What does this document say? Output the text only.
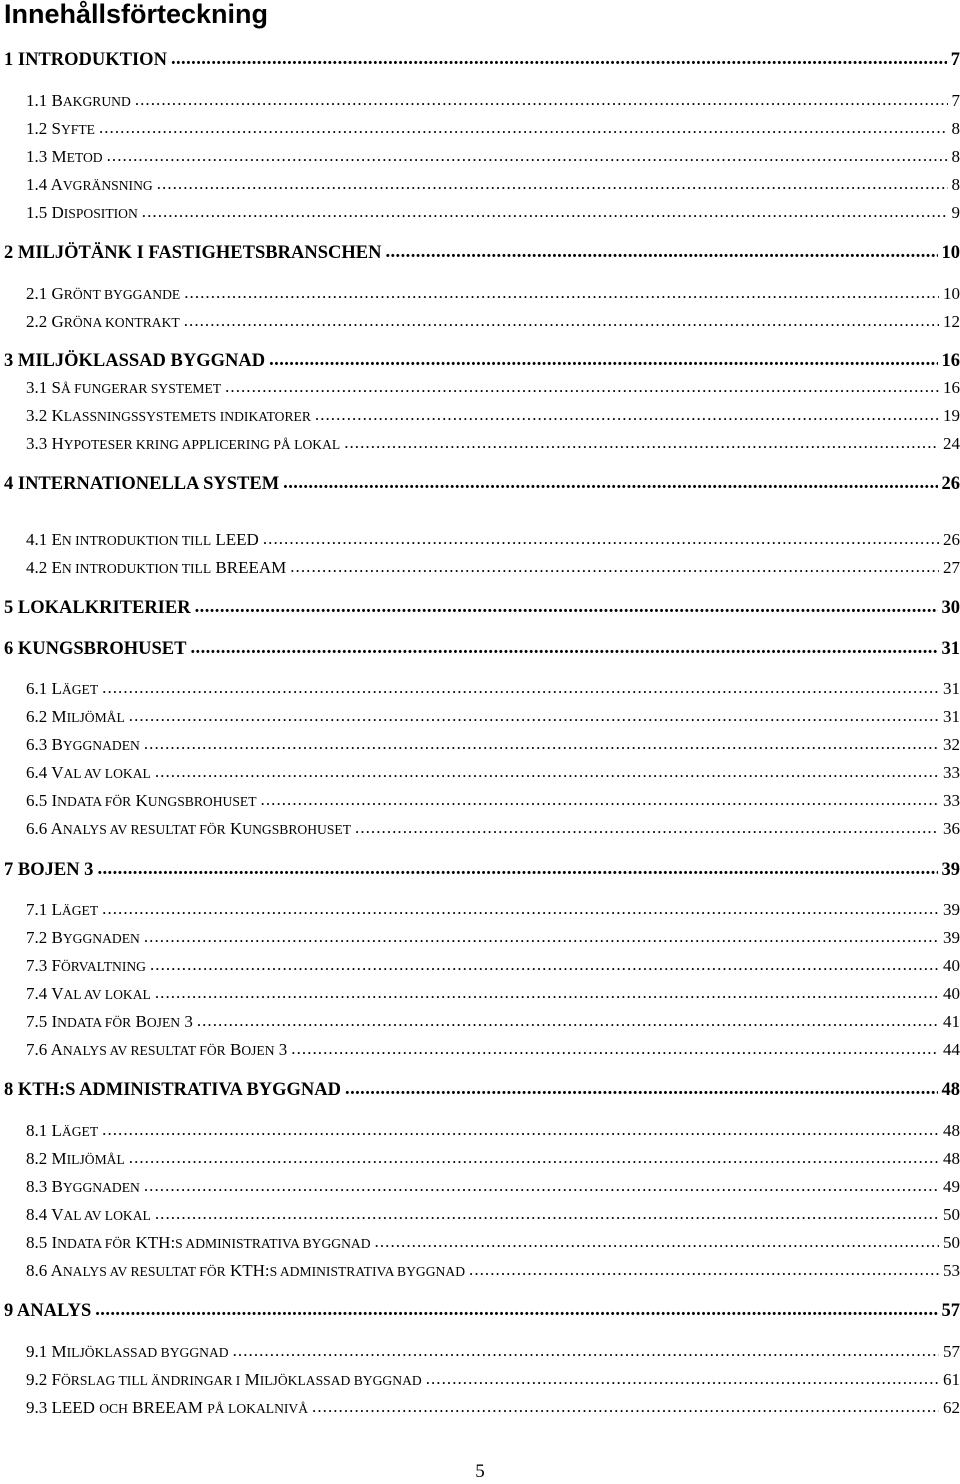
Innehållsförteckning
1 INTRODUKTION . . .	7
1.1 BAKGRUND . . .	7
1.2 SYFTE . . .	8
1.3 METOD . . .	8
1.4 AVGRÄNSNING . . .	8
1.5 DISPOSITION . . .	9
2 MILJÖTÄNK I FASTIGHETSBRANSCHEN . . .	10
2.1 GRÖNT BYGGANDE . . .	10
2.2 GRÖNA KONTRAKT . . .	12
3 MILJÖKLASSAD BYGGNAD . . .	16
3.1 SÅ FUNGERAR SYSTEMET . . .	16
3.2 KLASSNINGSSYSTEMETS INDIKATORER . . .	19
3.3 HYPOTESER KRING APPLICERING PÅ LOKAL . . .	24
4 INTERNATIONELLA SYSTEM . . .	26
4.1 EN INTRODUKTION TILL LEED . . .	26
4.2 EN INTRODUKTION TILL BREEAM . . .	27
5 LOKALKRITERIER . . .	30
6 KUNGSBROHUSET . . .	31
6.1 LÄGET . . .	31
6.2 MILJÖMÅL . . .	31
6.3 BYGGNADEN . . .	32
6.4 VAL AV LOKAL . . .	33
6.5 INDATA FÖR KUNGSBROHUSET . . .	33
6.6 ANALYS AV RESULTAT FÖR KUNGSBROHUSET . . .	36
7 BOJEN 3 . . .	39
7.1 LÄGET . . .	39
7.2 BYGGNADEN . . .	39
7.3 FÖRVALTNING . . .	40
7.4 VAL AV LOKAL . . .	40
7.5 INDATA FÖR BOJEN 3 . . .	41
7.6 ANALYS AV RESULTAT FÖR BOJEN 3 . . .	44
8 KTH:S ADMINISTRATIVA BYGGNAD . . .	48
8.1 LÄGET . . .	48
8.2 MILJÖMÅL . . .	48
8.3 BYGGNADEN . . .	49
8.4 VAL AV LOKAL . . .	50
8.5 INDATA FÖR KTH:S ADMINISTRATIVA BYGGNAD . . .	50
8.6 ANALYS AV RESULTAT FÖR KTH:S ADMINISTRATIVA BYGGNAD . . .	53
9 ANALYS . . .	57
9.1 MILJÖKLASSAD BYGGNAD . . .	57
9.2 FÖRSLAG TILL ÄNDRINGAR I MILJÖKLASSAD BYGGNAD . . .	61
9.3 LEED OCH BREEAM PÅ LOKALNIVÅ . . .	62
5
